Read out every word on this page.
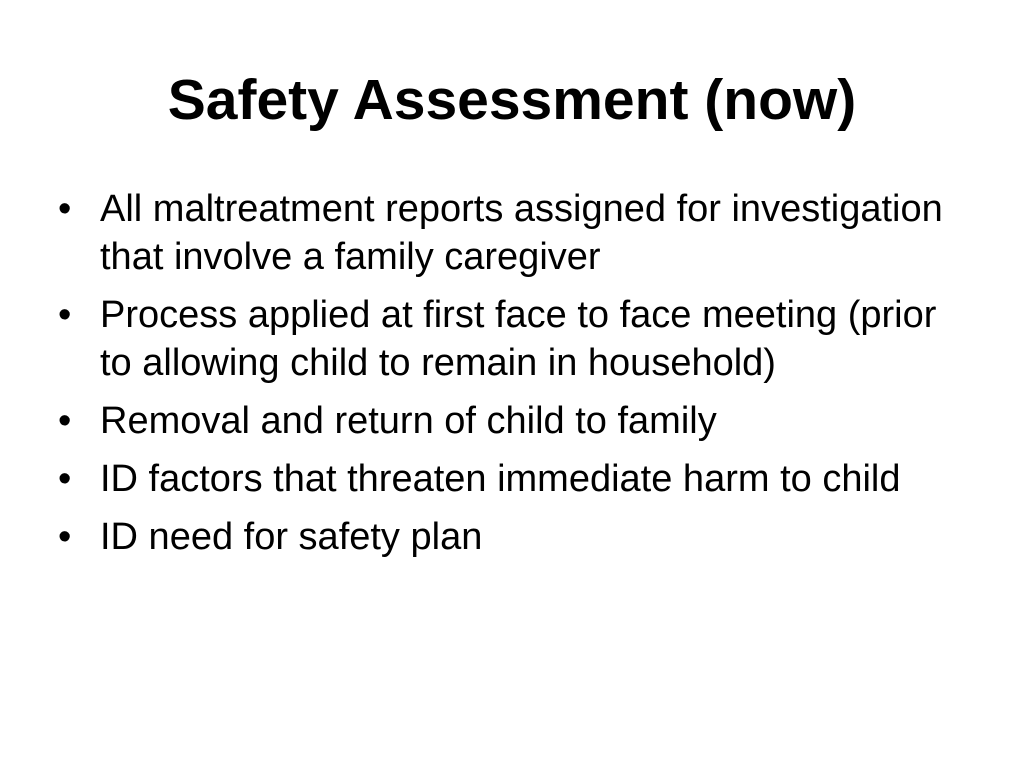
Safety Assessment (now)
• All maltreatment reports assigned for investigation that involve a family caregiver
• Process applied at first face to face meeting (prior to allowing child to remain in household)
• Removal and return of child to family
• ID factors that threaten immediate harm to child
• ID need for safety plan
